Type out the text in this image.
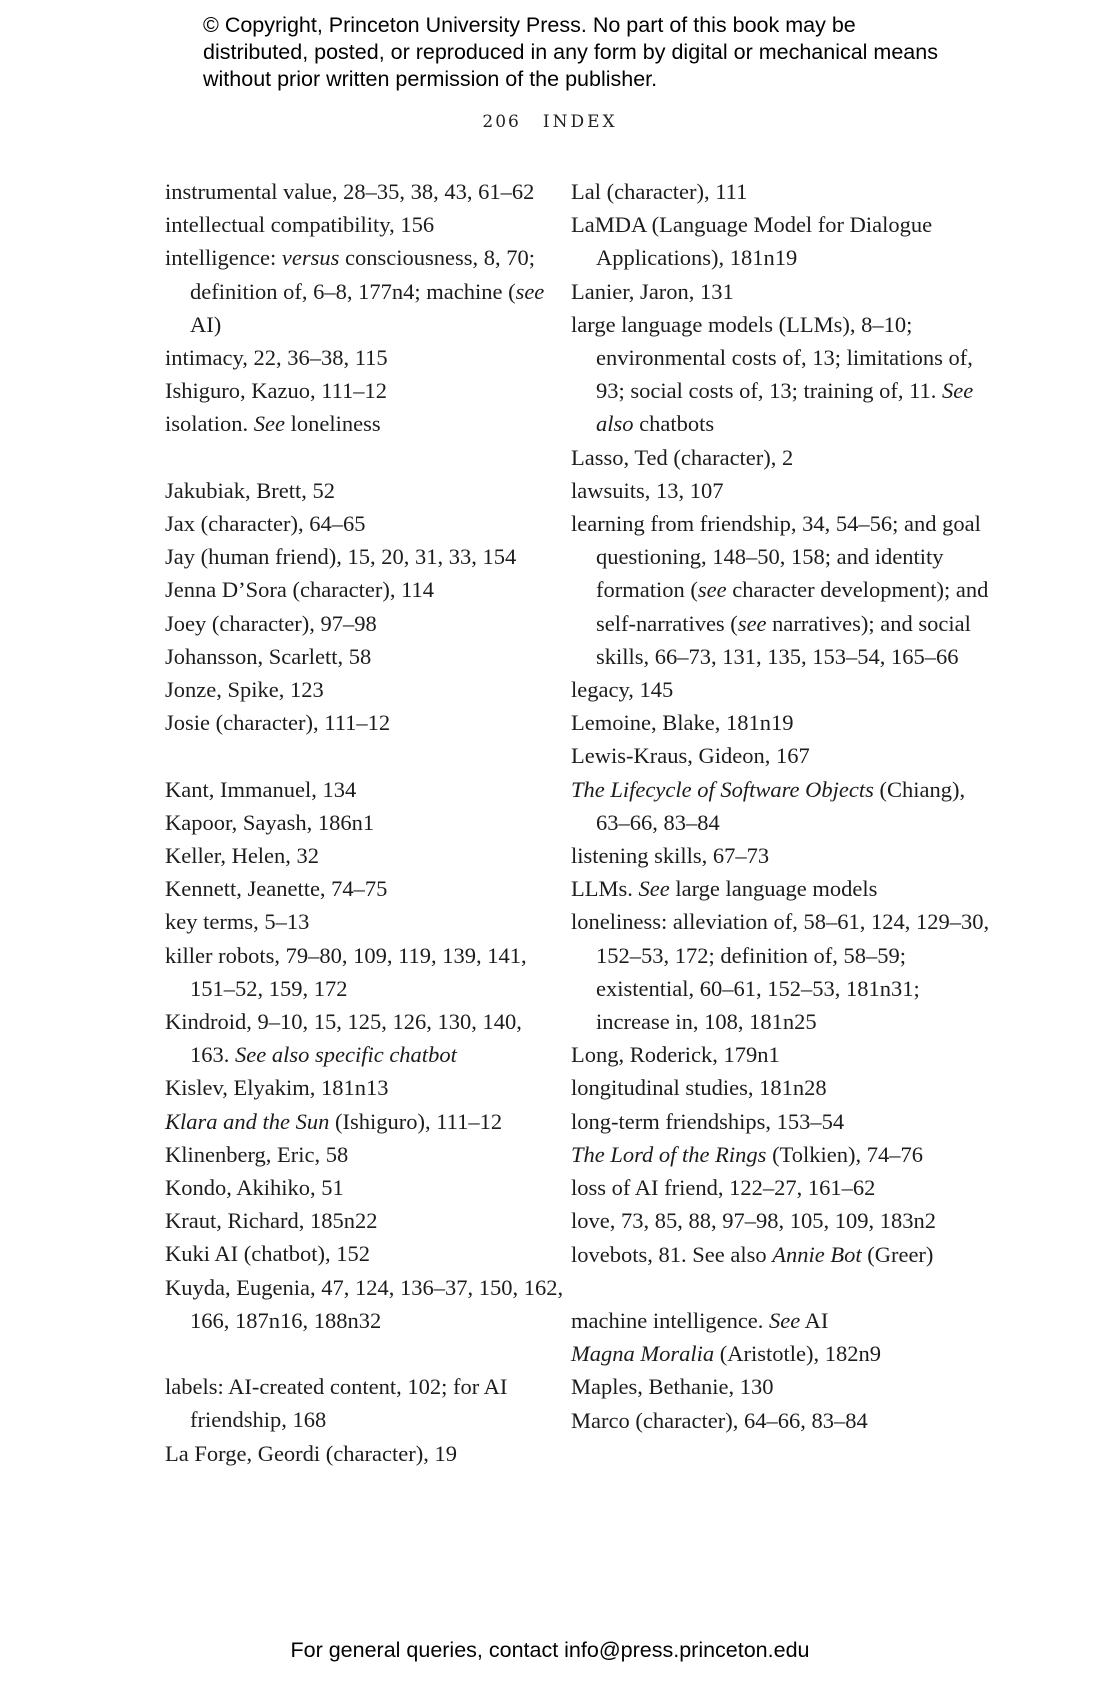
© Copyright, Princeton University Press. No part of this book may be distributed, posted, or reproduced in any form by digital or mechanical means without prior written permission of the publisher.
206 INDEX

instrumental value, 28–35, 38, 43, 61–62

intellectual compatibility, 156

intelligence: versus consciousness, 8, 70; definition of, 6–8, 177n4; machine (see AI)

intimacy, 22, 36–38, 115

Ishiguro, Kazuo, 111–12

isolation. See loneliness

Jakubiak, Brett, 52

Jax (character), 64–65

Jay (human friend), 15, 20, 31, 33, 154

Jenna D’Sora (character), 114

Joey (character), 97–98

Johansson, Scarlett, 58

Jonze, Spike, 123

Josie (character), 111–12

Kant, Immanuel, 134

Kapoor, Sayash, 186n1

Keller, Helen, 32

Kennett, Jeanette, 74–75

key terms, 5–13

killer robots, 79–80, 109, 119, 139, 141, 151–52, 159, 172

Kindroid, 9–10, 15, 125, 126, 130, 140, 163. See also specific chatbot

Kislev, Elyakim, 181n13

Klara and the Sun (Ishiguro), 111–12

Klinenberg, Eric, 58

Kondo, Akihiko, 51

Kraut, Richard, 185n22

Kuki AI (chatbot), 152

Kuyda, Eugenia, 47, 124, 136–37, 150, 162, 166, 187n16, 188n32

labels: AI-created content, 102; for AI friendship, 168

La Forge, Geordi (character), 19

Lal (character), 111

LaMDA (Language Model for Dialogue Applications), 181n19

Lanier, Jaron, 131

large language models (LLMs), 8–10; environmental costs of, 13; limitations of, 93; social costs of, 13; training of, 11. See also chatbots

Lasso, Ted (character), 2

lawsuits, 13, 107

learning from friendship, 34, 54–56; and goal questioning, 148–50, 158; and identity formation (see character development); and self-narratives (see narratives); and social skills, 66–73, 131, 135, 153–54, 165–66

legacy, 145

Lemoine, Blake, 181n19

Lewis-Kraus, Gideon, 167

The Lifecycle of Software Objects (Chiang), 63–66, 83–84

listening skills, 67–73

LLMs. See large language models

loneliness: alleviation of, 58–61, 124, 129–30, 152–53, 172; definition of, 58–59; existential, 60–61, 152–53, 181n31; increase in, 108, 181n25

Long, Roderick, 179n1

longitudinal studies, 181n28

long-term friendships, 153–54

The Lord of the Rings (Tolkien), 74–76

loss of AI friend, 122–27, 161–62

love, 73, 85, 88, 97–98, 105, 109, 183n2

lovebots, 81. See also Annie Bot (Greer)

machine intelligence. See AI

Magna Moralia (Aristotle), 182n9

Maples, Bethanie, 130

Marco (character), 64–66, 83–84

For general queries, contact info@press.princeton.edu
